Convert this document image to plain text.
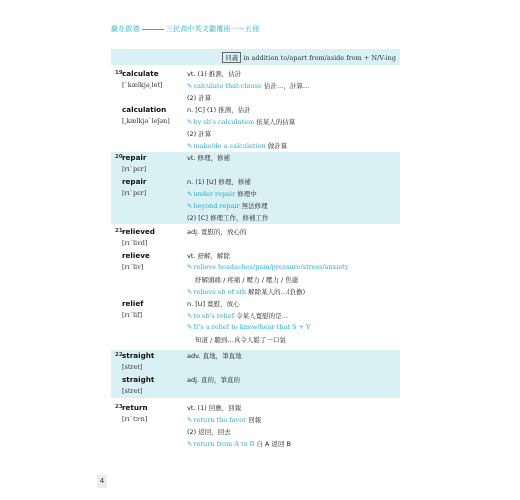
贏在啟德	三民高中英文聽覆冊一～五冊
同義 in addition to/apart from/aside from + N/V-ing
19.
calculate	vt. (1) 推測，估計
[ˋkælkjə͵let]	✎calculate that-clause 估計…，計算…
(2) 計算
calculation	n. [C] (1) 推測，估計
[͵kælkjəˋleʃən]	✎by sb's calculation 依某人的估算
(2) 計算
✎make/do a calculation 做計算
20.
repair	vt. 修理，修補
[rɪˋpɛr]
repair	n. (1) [U] 修理，修補
[rɪˋpɛr]	✎under repair 修理中
✎beyond repair 無法修理
(2) [C] 修理工作，修補工作
21.
relieved	adj. 寬慰的，放心的
[rɪˋlivd]
relieve	vt. 舒解，解除
[rɪˋliv]	✎relieve headaches/pain/pressure/stress/anxiety
紓解頭痛 / 疼痛 / 壓力 / 壓力 / 焦慮
✎relieve sb of sth 解除某人的…(負擔)
relief	n. [U] 寬慰，放心
[rɪˋlif]	✎to sb's relief 令某人寬慰的是…
✎It's a relief to know/hear that S + V
知道 / 聽到…真令人鬆了一口氣
22.
straight	adv. 直地，筆直地
[stret]
straight	adj. 直的，筆直的
[stret]
23.
return	vt. (1) 回應，回報
[rɪˋtɝn]	✎return the favor 回報
(2) 返回，回去
✎return from A to B 自 A 返回 B
4
